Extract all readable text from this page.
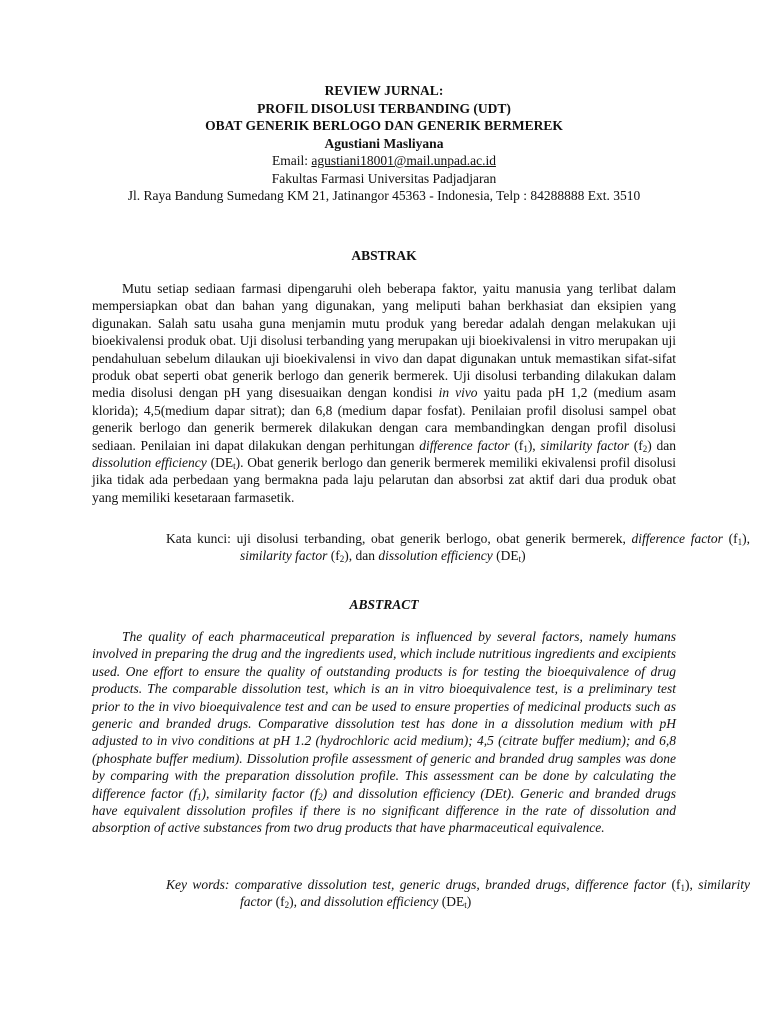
REVIEW JURNAL:
PROFIL DISOLUSI TERBANDING (UDT)
OBAT GENERIK BERLOGO DAN GENERIK BERMEREK
Agustiani Masliyana
Email: agustiani18001@mail.unpad.ac.id
Fakultas Farmasi Universitas Padjadjaran
Jl. Raya Bandung Sumedang KM 21, Jatinangor 45363 - Indonesia, Telp : 84288888 Ext. 3510
ABSTRAK

Mutu setiap sediaan farmasi dipengaruhi oleh beberapa faktor, yaitu manusia yang terlibat dalam mempersiapkan obat dan bahan yang digunakan, yang meliputi bahan berkhasiat dan eksipien yang digunakan. Salah satu usaha guna menjamin mutu produk yang beredar adalah dengan melakukan uji bioekivalensi produk obat. Uji disolusi terbanding yang merupakan uji bioekivalensi in vitro merupakan uji pendahuluan sebelum dilaukan uji bioekivalensi in vivo dan dapat digunakan untuk memastikan sifat-sifat produk obat seperti obat generik berlogo dan generik bermerek. Uji disolusi terbanding dilakukan dalam media disolusi dengan pH yang disesuaikan dengan kondisi in vivo yaitu pada pH 1,2 (medium asam klorida); 4,5(medium dapar sitrat); dan 6,8 (medium dapar fosfat). Penilaian profil disolusi sampel obat generik berlogo dan generik bermerek dilakukan dengan cara membandingkan dengan profil disolusi sediaan. Penilaian ini dapat dilakukan dengan perhitungan difference factor $(f_1)$, similarity factor $(f_2)$ dan dissolution efficiency $(DE_t)$. Obat generik berlogo dan generik bermerek memiliki ekivalensi profil disolusi jika tidak ada perbedaan yang bermakna pada laju pelarutan dan absorbsi zat aktif dari dua produk obat yang memiliki kesetaraan farmasetik.

Kata kunci: uji disolusi terbanding, obat generik berlogo, obat generik bermerek, difference factor $(f_1)$, similarity factor $(f_2)$, dan dissolution efficiency $(DE_t)$

ABSTRACT

The quality of each pharmaceutical preparation is influenced by several factors, namely humans involved in preparing the drug and the ingredients used, which include nutritious ingredients and excipients used. One effort to ensure the quality of outstanding products is for testing the bioequivalence of drug products. The comparable dissolution test, which is an in vitro bioequivalence test, is a preliminary test prior to the in vivo bioequivalence test and can be used to ensure properties of medicinal products such as generic and branded drugs. Comparative dissolution test has done in a dissolution medium with pH adjusted to in vivo conditions at pH 1.2 (hydrochloric acid medium); 4,5 (citrate buffer medium); and 6,8 (phosphate buffer medium). Dissolution profile assessment of generic and branded drug samples was done by comparing with the preparation dissolution profile. This assessment can be done by calculating the difference factor $(f_1)$, similarity factor $(f_2)$ and dissolution efficiency (DEt). Generic and branded drugs have equivalent dissolution profiles if there is no significant difference in the rate of dissolution and absorption of active substances from two drug products that have pharmaceutical equivalence.

Key words: comparative dissolution test, generic drugs, branded drugs, difference factor $(f_1)$, similarity factor $(f_2)$, and dissolution efficiency $(DE_t)$
